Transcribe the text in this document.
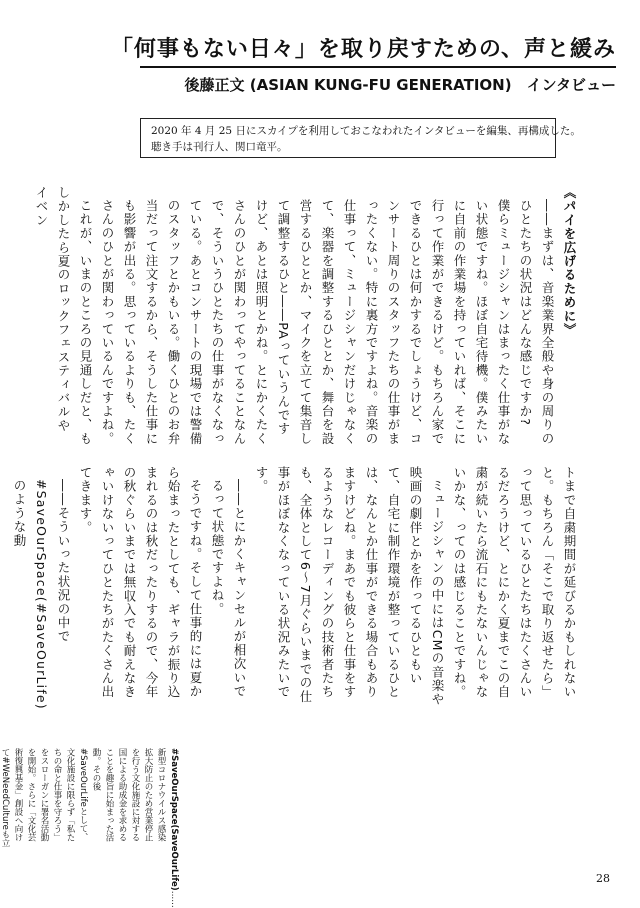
「何事もない日々」を取り戻すための、声と緩み
後藤正文 (ASIAN KUNG-FU GENERATION)　インタビュー
2020 年 4 月 25 日にスカイプを利用しておこなわれたインタビューを編集、再構成した。
聴き手は刊行人、関口竜平。

《パイを広げるために》

――まずは、音楽業界全般や身の周りのひとたちの状況はどんな感じですか?

僕らミュージシャンはまったく仕事がない状態ですね。ほぼ自宅待機。僕みたいに自前の作業場を持っていれば、そこに行って作業ができるけど。もちろん家でできるひとは何かするでしょうけど、コンサート周りのスタッフたちの仕事がまったくない。特に裏方ですよね。音楽の仕事って、ミュージシャンだけじゃなくて、楽器を調整するひととか、舞台を設営するひととか、マイクを立てて集音して調整するひと――PAっていうんですけど、あとは照明とかね。とにかくたくさんのひとが関わってやってることなんで、そういうひとたちの仕事がなくなっている。あとコンサートの現場では警備のスタッフとかもいる。働くひとのお弁当だって注文するから、そうした仕事にも影響が出る。思っているよりも、たくさんのひとが関わっているんですよね。

これが、いまのところの見通しだと、もしかしたら夏のロックフェスティバルやイベン

トまで自粛期間が延びるかもしれないと。もちろん「そこで取り返せたら」って思っているひとたちはたくさんいるだろうけど、とにかく夏までこの自粛が続いたら流石にもたないんじゃないかな、ってのは感じることですね。

ミュージシャンの中にはCMの音楽や映画の劇伴とかを作ってるひともいて、自宅に制作環境が整っているひとは、なんとか仕事ができる場合もありますけどね。まあでも彼らと仕事をするようなレコーディングの技術者たちも、全体として6〜7月ぐらいまでの仕事がほぼなくなっている状況みたいです。

――とにかくキャンセルが相次いでるって状態ですよね。

そうですね。そして仕事的には夏から始まったとしても、ギャラが振り込まれるのは秋だったりするので、今年の秋ぐらいまでは無収入でも耐えなきゃいけないってひとたちがたくさん出てきます。

――そういった状況の中で#SaveOurSpace(#SaveOurLife)のような動

#SaveOurSpace(SaveOurLife)……新型コロナウイルス感染拡大防止のため営業停止を行う文化施設に対する国による助成金を求めることを趣旨に始まった活動。その後#SaveOurLifeとして、文化施設に限らず「私たちの命と仕事を守ろう」をスローガンに署名活動を開始。さらに「文化芸術復興基金」創設へ向けて#WeNeedCultureも立

28
